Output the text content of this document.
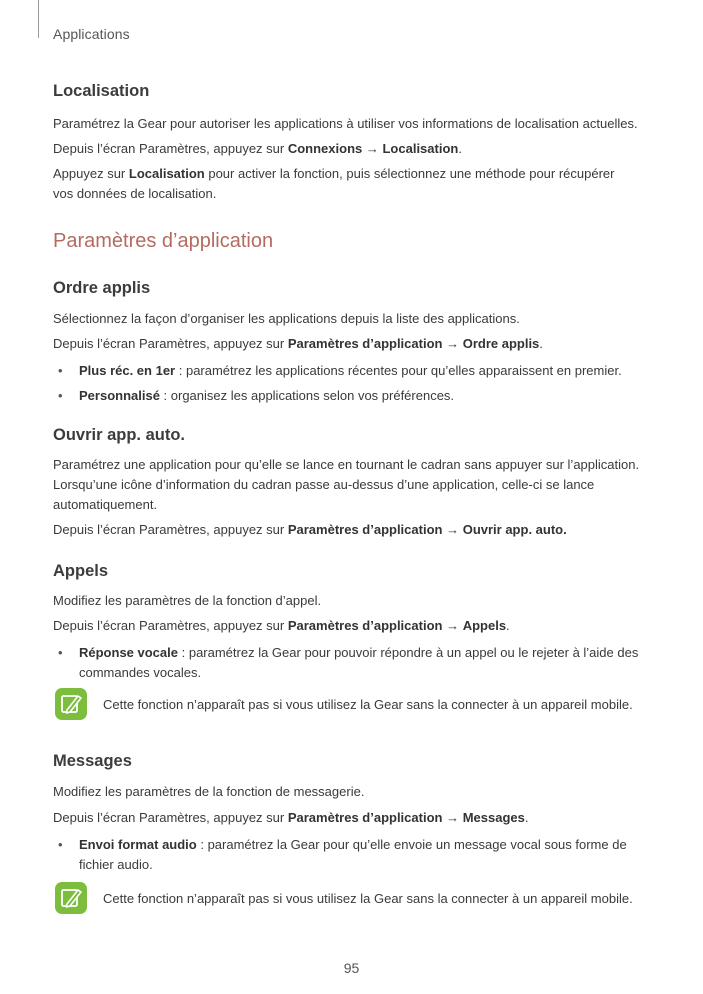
Applications
Localisation

Paramétrez la Gear pour autoriser les applications à utiliser vos informations de localisation actuelles.

Depuis l’écran Paramètres, appuyez sur Connexions → Localisation.

Appuyez sur Localisation pour activer la fonction, puis sélectionnez une méthode pour récupérer vos données de localisation.

Paramètres d’application
Ordre applis

Sélectionnez la façon d’organiser les applications depuis la liste des applications.

Depuis l’écran Paramètres, appuyez sur Paramètres d’application → Ordre applis.

• Plus réc. en 1er : paramétrez les applications récentes pour qu’elles apparaissent en premier.
• Personnalisé : organisez les applications selon vos préférences.
Ouvrir app. auto.

Paramétrez une application pour qu’elle se lance en tournant le cadran sans appuyer sur l’application. Lorsqu’une icône d’information du cadran passe au-dessus d’une application, celle-ci se lance automatiquement.

Depuis l’écran Paramètres, appuyez sur Paramètres d’application → Ouvrir app. auto.

Appels

Modifiez les paramètres de la fonction d’appel.

Depuis l’écran Paramètres, appuyez sur Paramètres d’application → Appels.

• Réponse vocale : paramétrez la Gear pour pouvoir répondre à un appel ou le rejeter à l’aide des commandes vocales.
Cette fonction n’apparaît pas si vous utilisez la Gear sans la connecter à un appareil mobile.
Messages

Modifiez les paramètres de la fonction de messagerie.

Depuis l’écran Paramètres, appuyez sur Paramètres d’application → Messages.

• Envoi format audio : paramétrez la Gear pour qu’elle envoie un message vocal sous forme de fichier audio.
Cette fonction n’apparaît pas si vous utilisez la Gear sans la connecter à un appareil mobile.
95
